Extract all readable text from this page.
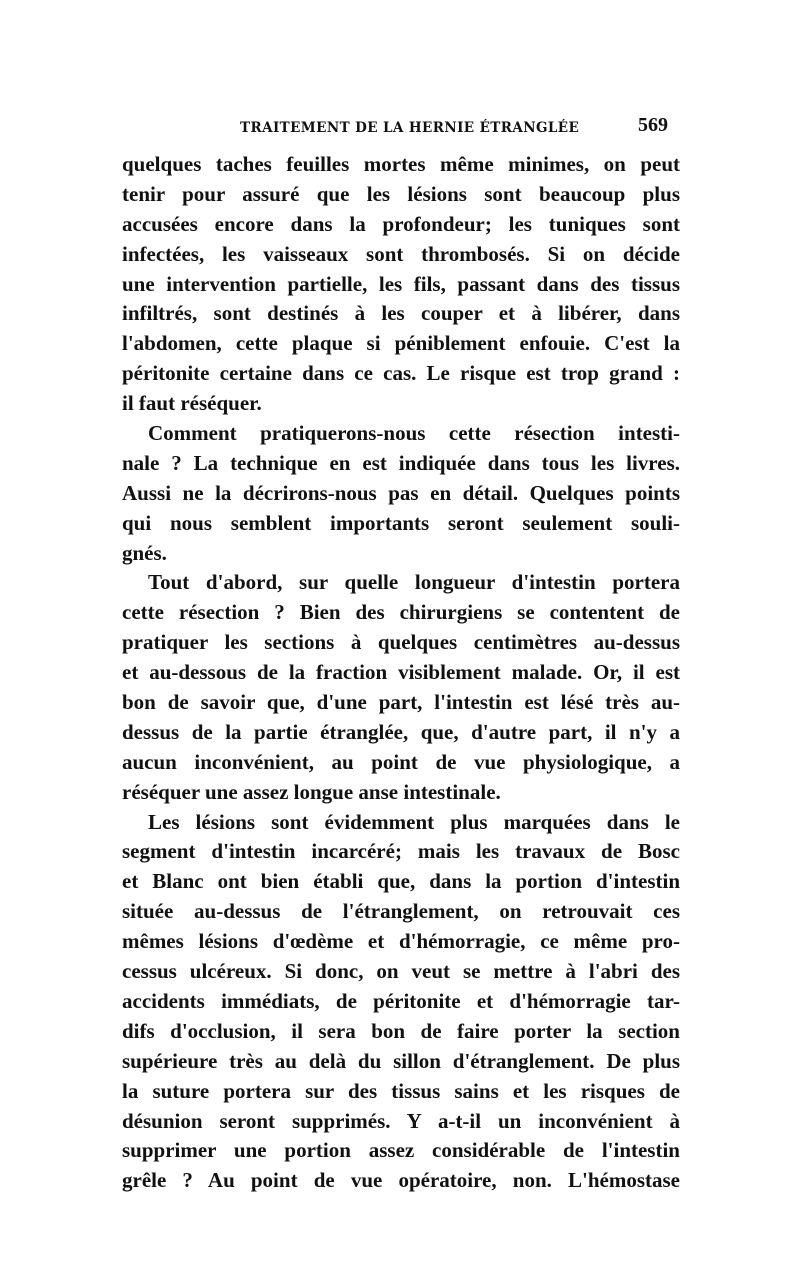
TRAITEMENT DE LA HERNIE ÉTRANGLÉE	569
quelques taches feuilles mortes même minimes, on peut
tenir pour assuré que les lésions sont beaucoup plus
accusées encore dans la profondeur; les tuniques sont
infectées, les vaisseaux sont thrombosés. Si on décide
une intervention partielle, les fils, passant dans des tissus
infiltrés, sont destinés à les couper et à libérer, dans
l'abdomen, cette plaque si péniblement enfouie. C'est la
péritonite certaine dans ce cas. Le risque est trop grand :
il faut réséquer.
Comment pratiquerons-nous cette résection intesti-
nale ? La technique en est indiquée dans tous les livres.
Aussi ne la décrirons-nous pas en détail. Quelques points
qui nous semblent importants seront seulement souli-
gnés.
Tout d'abord, sur quelle longueur d'intestin portera
cette résection ? Bien des chirurgiens se contentent de
pratiquer les sections à quelques centimètres au-dessus
et au-dessous de la fraction visiblement malade. Or, il est
bon de savoir que, d'une part, l'intestin est lésé très au-
dessus de la partie étranglée, que, d'autre part, il n'y a
aucun inconvénient, au point de vue physiologique, a
réséquer une assez longue anse intestinale.
Les lésions sont évidemment plus marquées dans le
segment d'intestin incarcéré; mais les travaux de Bosc
et Blanc ont bien établi que, dans la portion d'intestin
située au-dessus de l'étranglement, on retrouvait ces
mêmes lésions d'œdème et d'hémorragie, ce même pro-
cessus ulcéreux. Si donc, on veut se mettre à l'abri des
accidents immédiats, de péritonite et d'hémorragie tar-
difs d'occlusion, il sera bon de faire porter la section
supérieure très au delà du sillon d'étranglement. De plus
la suture portera sur des tissus sains et les risques de
désunion seront supprimés. Y a-t-il un inconvénient à
supprimer une portion assez considérable de l'intestin
grêle ? Au point de vue opératoire, non. L'hémostase
